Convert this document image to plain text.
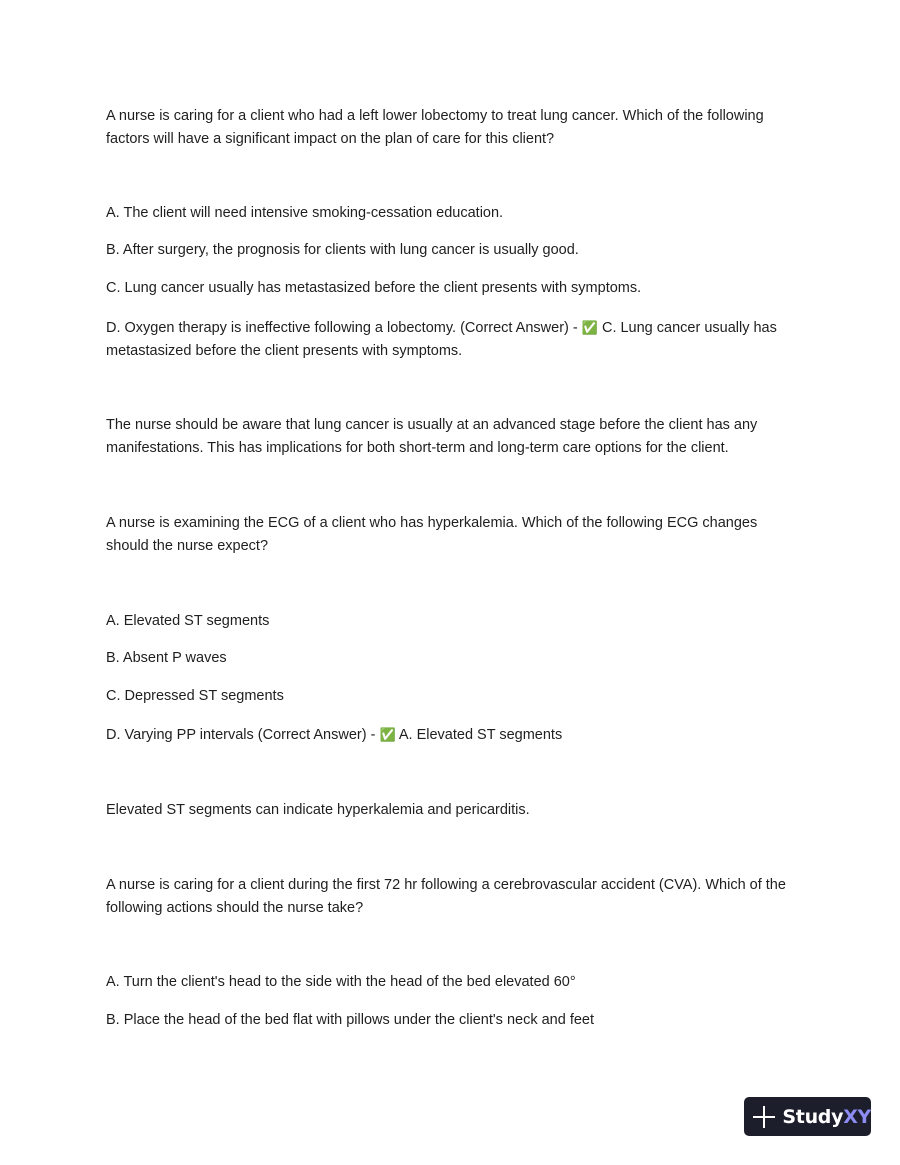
A nurse is caring for a client who had a left lower lobectomy to treat lung cancer. Which of the following factors will have a significant impact on the plan of care for this client?

A. The client will need intensive smoking-cessation education.

B. After surgery, the prognosis for clients with lung cancer is usually good.

C. Lung cancer usually has metastasized before the client presents with symptoms.

D. Oxygen therapy is ineffective following a lobectomy. (Correct Answer) - ✅ C. Lung cancer usually has metastasized before the client presents with symptoms.

The nurse should be aware that lung cancer is usually at an advanced stage before the client has any manifestations. This has implications for both short-term and long-term care options for the client.

A nurse is examining the ECG of a client who has hyperkalemia. Which of the following ECG changes should the nurse expect?

A. Elevated ST segments

B. Absent P waves

C. Depressed ST segments

D. Varying PP intervals (Correct Answer) - ✅ A. Elevated ST segments

Elevated ST segments can indicate hyperkalemia and pericarditis.

A nurse is caring for a client during the first 72 hr following a cerebrovascular accident (CVA). Which of the following actions should the nurse take?

A. Turn the client's head to the side with the head of the bed elevated 60°

B. Place the head of the bed flat with pillows under the client's neck and feet

StudyXY
